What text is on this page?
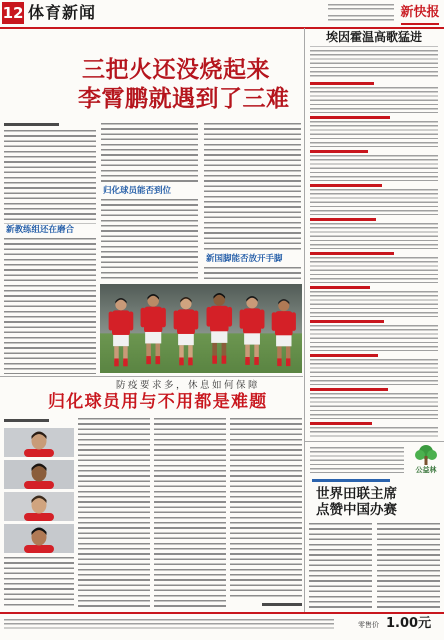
12 体育新闻	新快报
三把火还没烧起来
李霄鹏就遇到了三难
新教练组还在磨合
归化球员能否到位
新国脚能否放开手脚
防疫要求多，休息如何保障
归化球员用与不用都是难题
埃因霍温高歌猛进
公益林
世界田联主席
点赞中国办赛
零售价 1.00元
